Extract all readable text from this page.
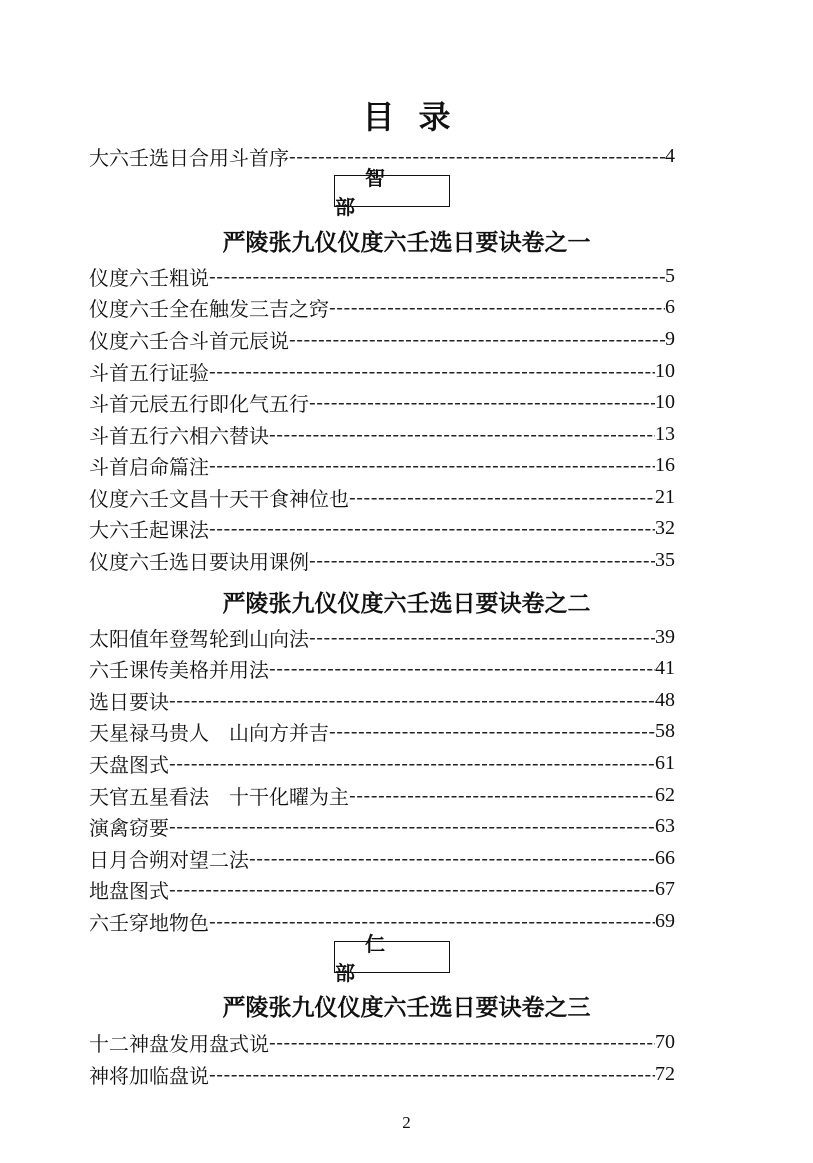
目录
大六壬选日合用斗首序 -----	4
智部
严陵张九仪仪度六壬选日要诀卷之一
仪度六壬粗说 -----	5
仪度六壬全在触发三吉之窍 -----	6
仪度六壬合斗首元辰说 -----	9
斗首五行证验 -----	10
斗首元辰五行即化气五行 -----	10
斗首五行六相六替诀 -----	13
斗首启命篇注 -----	16
仪度六壬文昌十天干食神位也 -----	21
大六壬起课法 -----	32
仪度六壬选日要诀用课例 -----	35
严陵张九仪仪度六壬选日要诀卷之二
太阳值年登驾轮到山向法 -----	39
六壬课传美格并用法 -----	41
选日要诀 -----	48
天星禄马贵人　山向方并吉 -----	58
天盘图式 -----	61
天官五星看法　十干化曜为主 -----	62
演禽窃要 -----	63
日月合朔对望二法 -----	66
地盘图式 -----	67
六壬穿地物色 -----	69
仁部
严陵张九仪仪度六壬选日要诀卷之三
十二神盘发用盘式说 -----	70
神将加临盘说 -----	72
2
